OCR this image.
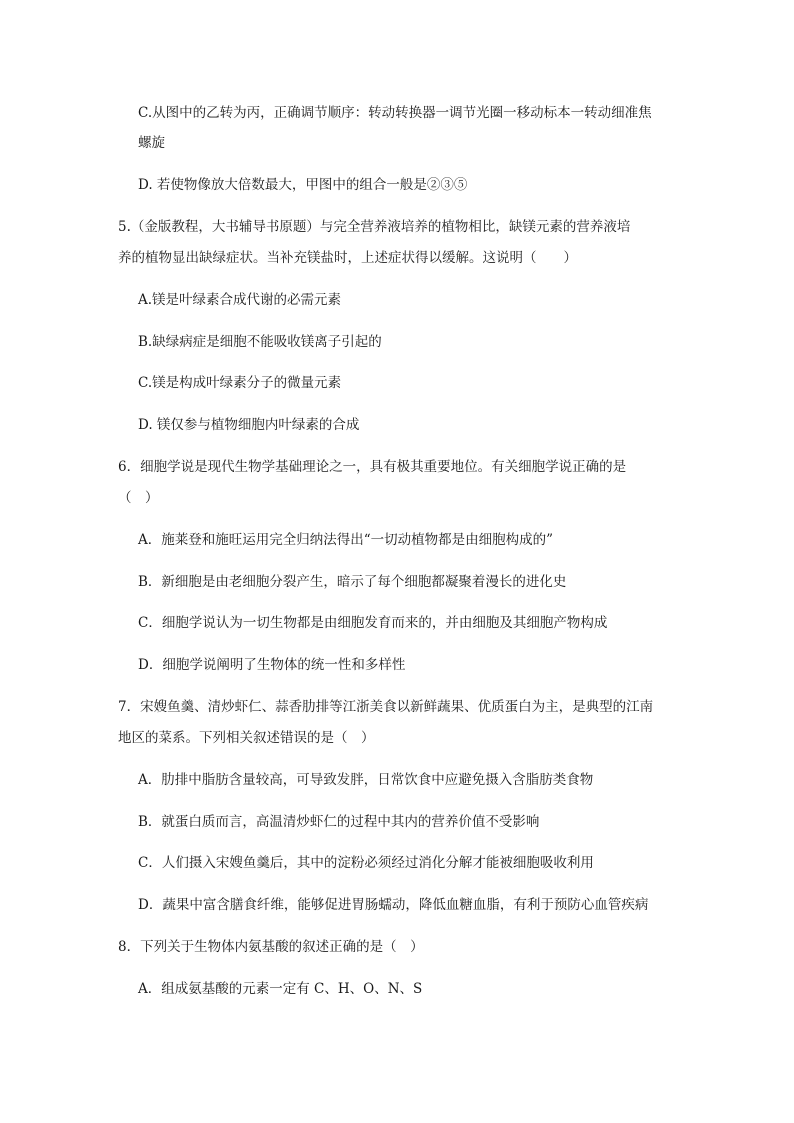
C.从图中的乙转为丙，正确调节顺序：转动转换器一调节光圈一移动标本一转动细准焦
螺旋
D. 若使物像放大倍数最大，甲图中的组合一般是②③⑤
5.（金版教程，大书辅导书原题）与完全营养液培养的植物相比，缺镁元素的营养液培
养的植物显出缺绿症状。当补充镁盐时，上述症状得以缓解。这说明（　　）
A.镁是叶绿素合成代谢的必需元素
B.缺绿病症是细胞不能吸收镁离子引起的
C.镁是构成叶绿素分子的微量元素
D. 镁仅参与植物细胞内叶绿素的合成
6．细胞学说是现代生物学基础理论之一，具有极其重要地位。有关细胞学说正确的是
（　）
A．施莱登和施旺运用完全归纳法得出“一切动植物都是由细胞构成的”
B．新细胞是由老细胞分裂产生，暗示了每个细胞都凝聚着漫长的进化史
C．细胞学说认为一切生物都是由细胞发育而来的，并由细胞及其细胞产物构成
D．细胞学说阐明了生物体的统一性和多样性
7．宋嫂鱼羹、清炒虾仁、蒜香肋排等江浙美食以新鲜蔬果、优质蛋白为主，是典型的江南
地区的菜系。下列相关叙述错误的是（　）
A．肋排中脂肪含量较高，可导致发胖，日常饮食中应避免摄入含脂肪类食物
B．就蛋白质而言，高温清炒虾仁的过程中其内的营养价值不受影响
C．人们摄入宋嫂鱼羹后，其中的淀粉必须经过消化分解才能被细胞吸收利用
D．蔬果中富含膳食纤维，能够促进胃肠蠕动，降低血糖血脂，有利于预防心血管疾病
8．下列关于生物体内氨基酸的叙述正确的是（　）
A．组成氨基酸的元素一定有 C、H、O、N、S
